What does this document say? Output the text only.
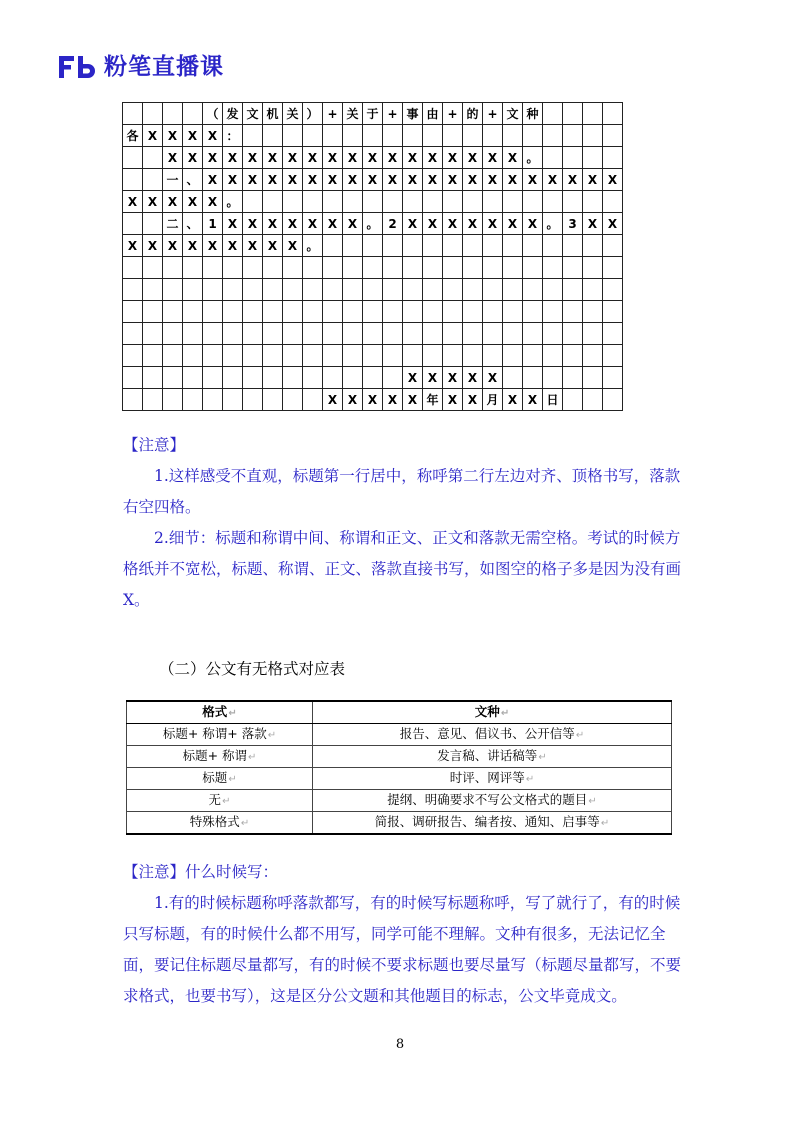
粉笔直播课
				（	发	文	机	关	）	+	关	于	+	事	由	+	的	+	文	种				
各	X	X	X	X	：																			
		X	X	X	X	X	X	X	X	X	X	X	X	X	X	X	X	X	X	。				
		一	、	X	X	X	X	X	X	X	X	X	X	X	X	X	X	X	X	X	X	X	X	X
X	X	X	X	X	。																			
		二	、	1	X	X	X	X	X	X	X	。	2	X	X	X	X	X	X	X	。	3	X	X
X	X	X	X	X	X	X	X	X	。															

														X	X	X	X	X						
										X	X	X	X	X	年	X	X	月	X	X	日			

【注意】

1.这样感受不直观，标题第一行居中，称呼第二行左边对齐、顶格书写，落款右空四格。

2.细节：标题和称谓中间、称谓和正文、正文和落款无需空格。考试的时候方格纸并不宽松，标题、称谓、正文、落款直接书写，如图空的格子多是因为没有画 X。

（二）公文有无格式对应表
格式↵	文种↵
标题+ 称谓+ 落款↵	报告、意见、倡议书、公开信等↵
标题+ 称谓↵	发言稿、讲话稿等↵
标题↵	时评、网评等↵
无↵	提纲、明确要求不写公文格式的题目↵
特殊格式↵	简报、调研报告、编者按、通知、启事等↵

【注意】什么时候写：

1.有的时候标题称呼落款都写，有的时候写标题称呼，写了就行了，有的时候只写标题，有的时候什么都不用写，同学可能不理解。文种有很多，无法记忆全面，要记住标题尽量都写，有的时候不要求标题也要尽量写（标题尽量都写，不要求格式，也要书写），这是区分公文题和其他题目的标志，公文毕竟成文。

8
